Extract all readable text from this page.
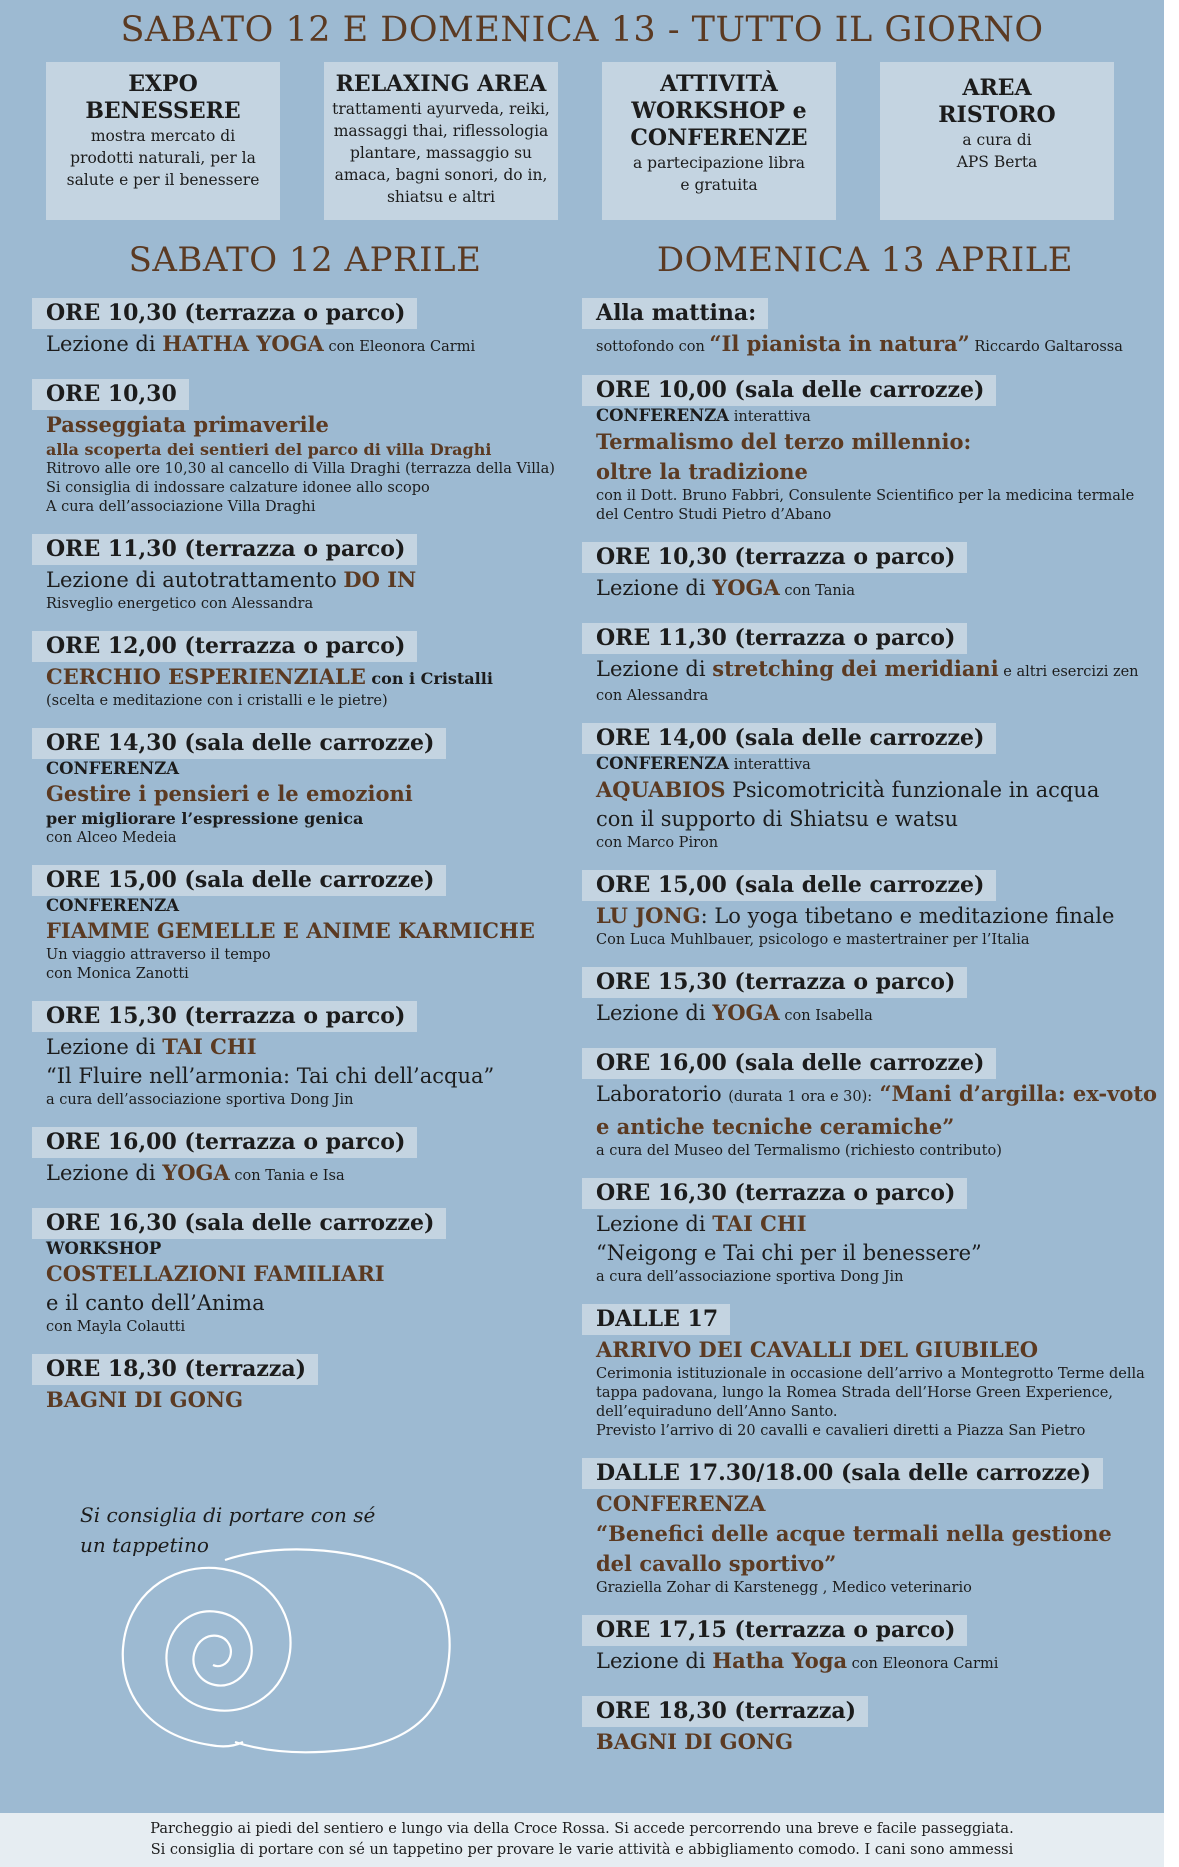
SABATO 12 E DOMENICA 13 - TUTTO IL GIORNO
EXPO
BENESSERE
mostra mercato di
prodotti naturali, per la
salute e per il benessere
RELAXING AREA
trattamenti ayurveda, reiki,
massaggi thai, riflessologia
plantare, massaggio su
amaca, bagni sonori, do in,
shiatsu e altri
ATTIVITÀ
WORKSHOP e
CONFERENZE
a partecipazione libra
e gratuita
AREA
RISTORO
a cura di
APS Berta
SABATO 12 APRILE	DOMENICA 13 APRILE
ORE 10,30 (terrazza o parco)
Lezione di HATHA YOGA con Eleonora Carmi
ORE 10,30
Passeggiata primaverile
alla scoperta dei sentieri del parco di villa Draghi
Ritrovo alle ore 10,30 al cancello di Villa Draghi (terrazza della Villa)
Si consiglia di indossare calzature idonee allo scopo
A cura dell’associazione Villa Draghi
ORE 11,30 (terrazza o parco)
Lezione di autotrattamento DO IN
Risveglio energetico con Alessandra
ORE 12,00 (terrazza o parco)
CERCHIO ESPERIENZIALE con i Cristalli
(scelta e meditazione con i cristalli e le pietre)
ORE 14,30 (sala delle carrozze)
CONFERENZA
Gestire i pensieri e le emozioni
per migliorare l’espressione genica
con Alceo Medeia
ORE 15,00 (sala delle carrozze)
CONFERENZA
FIAMME GEMELLE E ANIME KARMICHE
Un viaggio attraverso il tempo
con Monica Zanotti
ORE 15,30 (terrazza o parco)
Lezione di TAI CHI
“Il Fluire nell’armonia: Tai chi dell’acqua”
a cura dell’associazione sportiva Dong Jin
ORE 16,00 (terrazza o parco)
Lezione di YOGA con Tania e Isa
ORE 16,30 (sala delle carrozze)
WORKSHOP
COSTELLAZIONI FAMILIARI
e il canto dell’Anima
con Mayla Colautti
ORE 18,30 (terrazza)
BAGNI DI GONG
Alla mattina:
sottofondo con “Il pianista in natura” Riccardo Galtarossa
ORE 10,00 (sala delle carrozze)
CONFERENZA interattiva
Termalismo del terzo millennio:
oltre la tradizione
con il Dott. Bruno Fabbri, Consulente Scientifico per la medicina termale
del Centro Studi Pietro d’Abano
ORE 10,30 (terrazza o parco)
Lezione di YOGA con Tania
ORE 11,30 (terrazza o parco)
Lezione di stretching dei meridiani e altri esercizi zen
con Alessandra
ORE 14,00 (sala delle carrozze)
CONFERENZA interattiva
AQUABIOS Psicomotricità funzionale in acqua
con il supporto di Shiatsu e watsu
con Marco Piron
ORE 15,00 (sala delle carrozze)
LU JONG: Lo yoga tibetano e meditazione finale
Con Luca Muhlbauer, psicologo e mastertrainer per l’Italia
ORE 15,30 (terrazza o parco)
Lezione di YOGA con Isabella
ORE 16,00 (sala delle carrozze)
Laboratorio (durata 1 ora e 30): “Mani d’argilla: ex-voto
e antiche tecniche ceramiche”
a cura del Museo del Termalismo (richiesto contributo)
ORE 16,30 (terrazza o parco)
Lezione di TAI CHI
“Neigong e Tai chi per il benessere”
a cura dell’associazione sportiva Dong Jin
DALLE 17
ARRIVO DEI CAVALLI DEL GIUBILEO
Cerimonia istituzionale in occasione dell’arrivo a Montegrotto Terme della
tappa padovana, lungo la Romea Strada dell’Horse Green Experience,
dell’equiraduno dell’Anno Santo.
Previsto l’arrivo di 20 cavalli e cavalieri diretti a Piazza San Pietro
DALLE 17.30/18.00 (sala delle carrozze)
CONFERENZA
“Benefici delle acque termali nella gestione
del cavallo sportivo”
Graziella Zohar di Karstenegg , Medico veterinario
ORE 17,15 (terrazza o parco)
Lezione di Hatha Yoga con Eleonora Carmi
ORE 18,30 (terrazza)
BAGNI DI GONG
Si consiglia di portare con sé
un tappetino
Parcheggio ai piedi del sentiero e lungo via della Croce Rossa. Si accede percorrendo una breve e facile passeggiata.
Si consiglia di portare con sé un tappetino per provare le varie attività e abbigliamento comodo. I cani sono ammessi
